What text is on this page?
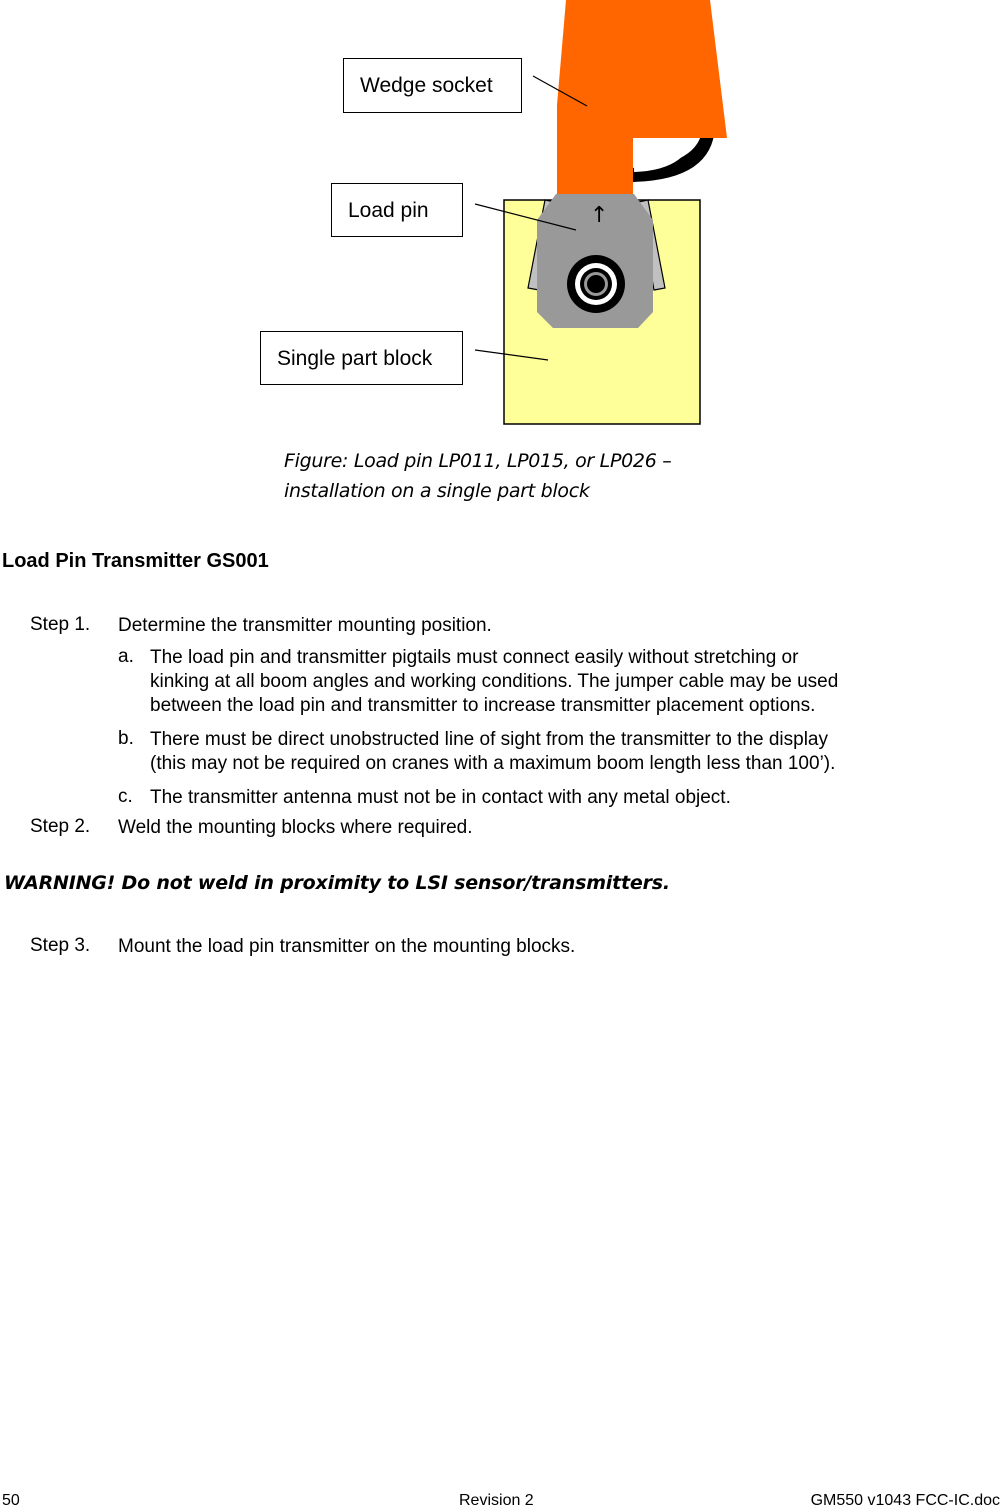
↑
Wedge socket
Load pin
Single part block
Figure: Load pin LP011, LP015, or LP026 –
installation on a single part block
Load Pin Transmitter GS001
Step 1. Determine the transmitter mounting position.
a. The load pin and transmitter pigtails must connect easily without stretching or
kinking at all boom angles and working conditions. The jumper cable may be used
between the load pin and transmitter to increase transmitter placement options.
b. There must be direct unobstructed line of sight from the transmitter to the display
(this may not be required on cranes with a maximum boom length less than 100’).
c. The transmitter antenna must not be in contact with any metal object.
Step 2. Weld the mounting blocks where required.
WARNING! Do not weld in proximity to LSI sensor/transmitters.
Step 3. Mount the load pin transmitter on the mounting blocks.
50	Revision 2	GM550 v1043 FCC-IC.doc
